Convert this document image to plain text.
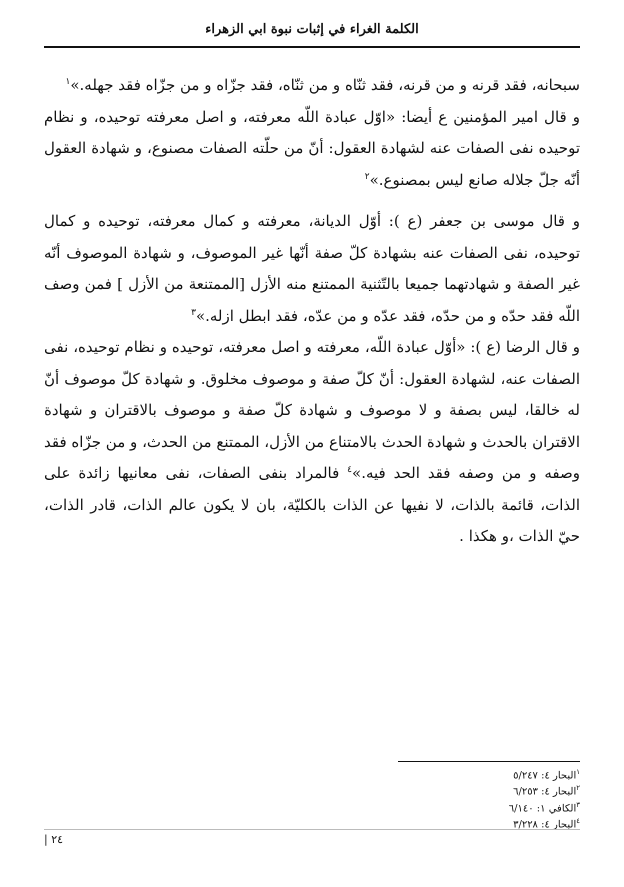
الكلمة الغراء في إثبات نبوة ابي الزهراء

سبحانه، فقد قرنه و من قرنه، فقد ثنّاه و من ثنّاه، فقد جزّاه و من جزّاه فقد جهله.»$^١$

و قال امير المؤمنين ع أيضا: «اوّل عبادة اللّه معرفته، و اصل معرفته توحيده، و نظام توحيده نفى الصفات عنه لشهادة العقول: أنّ من حلّته الصفات مصنوع، و شهادة العقول أنّه جلّ جلاله صانع ليس بمصنوع.»$^٢$

و قال موسى بن جعفر (ع ): أوّل الديانة، معرفته و كمال معرفته، توحيده و كمال توحيده، نفى الصفات عنه بشهادة كلّ صفة أنّها غير الموصوف، و شهادة الموصوف أنّه غير الصفة و شهادتهما جميعا بالتّثنية الممتنع منه الأزل [الممتنعة من الأزل ] فمن وصف اللّه فقد حدّه و من حدّه، فقد عدّه و من عدّه، فقد ابطل ازله.»$^٣$

و قال الرضا (ع ): «أوّل عبادة اللّه، معرفته و اصل معرفته، توحيده و نظام توحيده، نفى الصفات عنه، لشهادة العقول: أنّ كلّ صفة و موصوف مخلوق. و شهادة كلّ موصوف أنّ له خالقا، ليس بصفة و لا موصوف و شهادة كلّ صفة و موصوف بالاقتران و شهادة الاقتران بالحدث و شهادة الحدث بالامتناع من الأزل، الممتنع من الحدث، و من جزّاه فقد وصفه و من وصفه فقد الحد فيه.»$^٤$ فالمراد بنفى الصفات، نفى معانيها زائدة على الذات، قائمة بالذات، لا نفيها عن الذات بالكليّة، بان لا يكون عالم الذات، قادر الذات، حيّ الذات ،و هكذا .

$^١$البحار ٤: ٥/٢٤٧
$^٢$البحار ٤: ٦/٢٥٣
$^٣$الكافي ١: ٦/١٤٠
$^٤$البحار ٤: ٣/٢٢٨
| ٢٤
